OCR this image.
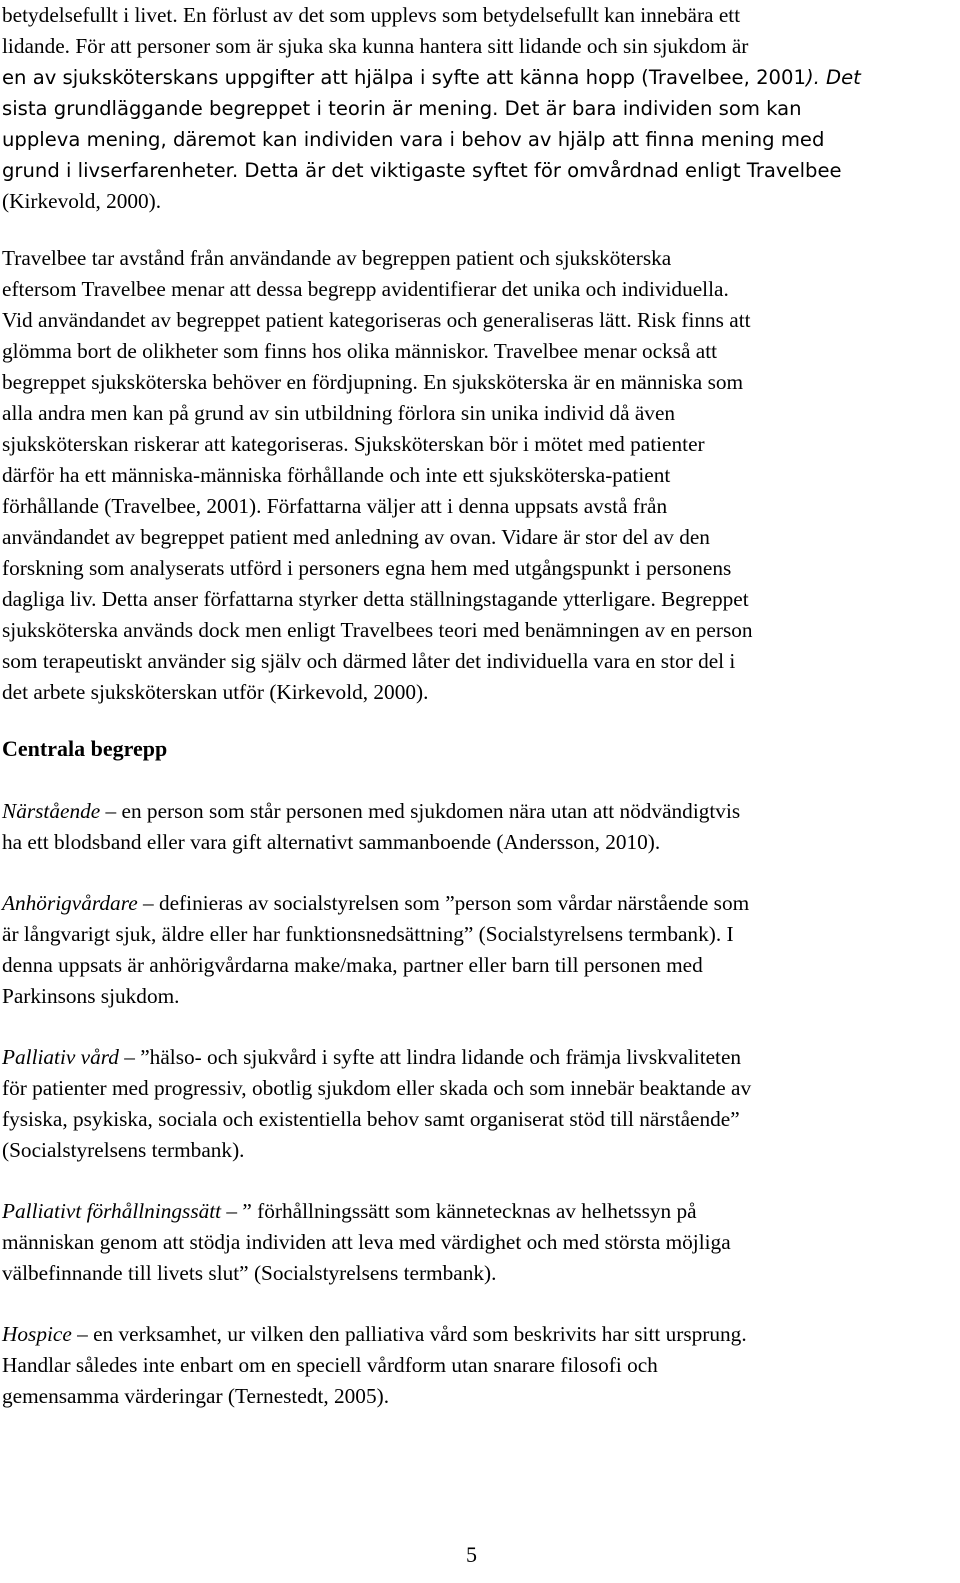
betydelsefullt i livet. En förlust av det som upplevs som betydelsefullt kan innebära ett
lidande. För att personer som är sjuka ska kunna hantera sitt lidande och sin sjukdom är
en av sjuksköterskans uppgifter att hjälpa i syfte att känna hopp (Travelbee, 2001). Det
sista grundläggande begreppet i teorin är mening. Det är bara individen som kan
uppleva mening, däremot kan individen vara i behov av hjälp att finna mening med
grund i livserfarenheter. Detta är det viktigaste syftet för omvårdnad enligt Travelbee
(Kirkevold, 2000).
Travelbee tar avstånd från användande av begreppen patient och sjuksköterska
eftersom Travelbee menar att dessa begrepp avidentifierar det unika och individuella.
Vid användandet av begreppet patient kategoriseras och generaliseras lätt. Risk finns att
glömma bort de olikheter som finns hos olika människor. Travelbee menar också att
begreppet sjuksköterska behöver en fördjupning. En sjuksköterska är en människa som
alla andra men kan på grund av sin utbildning förlora sin unika individ då även
sjuksköterskan riskerar att kategoriseras. Sjuksköterskan bör i mötet med patienter
därför ha ett människa-människa förhållande och inte ett sjuksköterska-patient
förhållande (Travelbee, 2001). Författarna väljer att i denna uppsats avstå från
användandet av begreppet patient med anledning av ovan. Vidare är stor del av den
forskning som analyserats utförd i personers egna hem med utgångspunkt i personens
dagliga liv. Detta anser författarna styrker detta ställningstagande ytterligare. Begreppet
sjuksköterska används dock men enligt Travelbees teori med benämningen av en person
som terapeutiskt använder sig själv och därmed låter det individuella vara en stor del i
det arbete sjuksköterskan utför (Kirkevold, 2000).
Centrala begrepp
Närstående – en person som står personen med sjukdomen nära utan att nödvändigtvis
ha ett blodsband eller vara gift alternativt sammanboende (Andersson, 2010).
Anhörigvårdare – definieras av socialstyrelsen som ”person som vårdar närstående som
är långvarigt sjuk, äldre eller har funktionsnedsättning” (Socialstyrelsens termbank). I
denna uppsats är anhörigvårdarna make/maka, partner eller barn till personen med
Parkinsons sjukdom.
Palliativ vård – ”hälso- och sjukvård i syfte att lindra lidande och främja livskvaliteten
för patienter med progressiv, obotlig sjukdom eller skada och som innebär beaktande av
fysiska, psykiska, sociala och existentiella behov samt organiserat stöd till närstående”
(Socialstyrelsens termbank).
Palliativt förhållningssätt – ” förhållningssätt som kännetecknas av helhetssyn på
människan genom att stödja individen att leva med värdighet och med största möjliga
välbefinnande till livets slut” (Socialstyrelsens termbank).
Hospice – en verksamhet, ur vilken den palliativa vård som beskrivits har sitt ursprung.
Handlar således inte enbart om en speciell vårdform utan snarare filosofi och
gemensamma värderingar (Ternestedt, 2005).
5
